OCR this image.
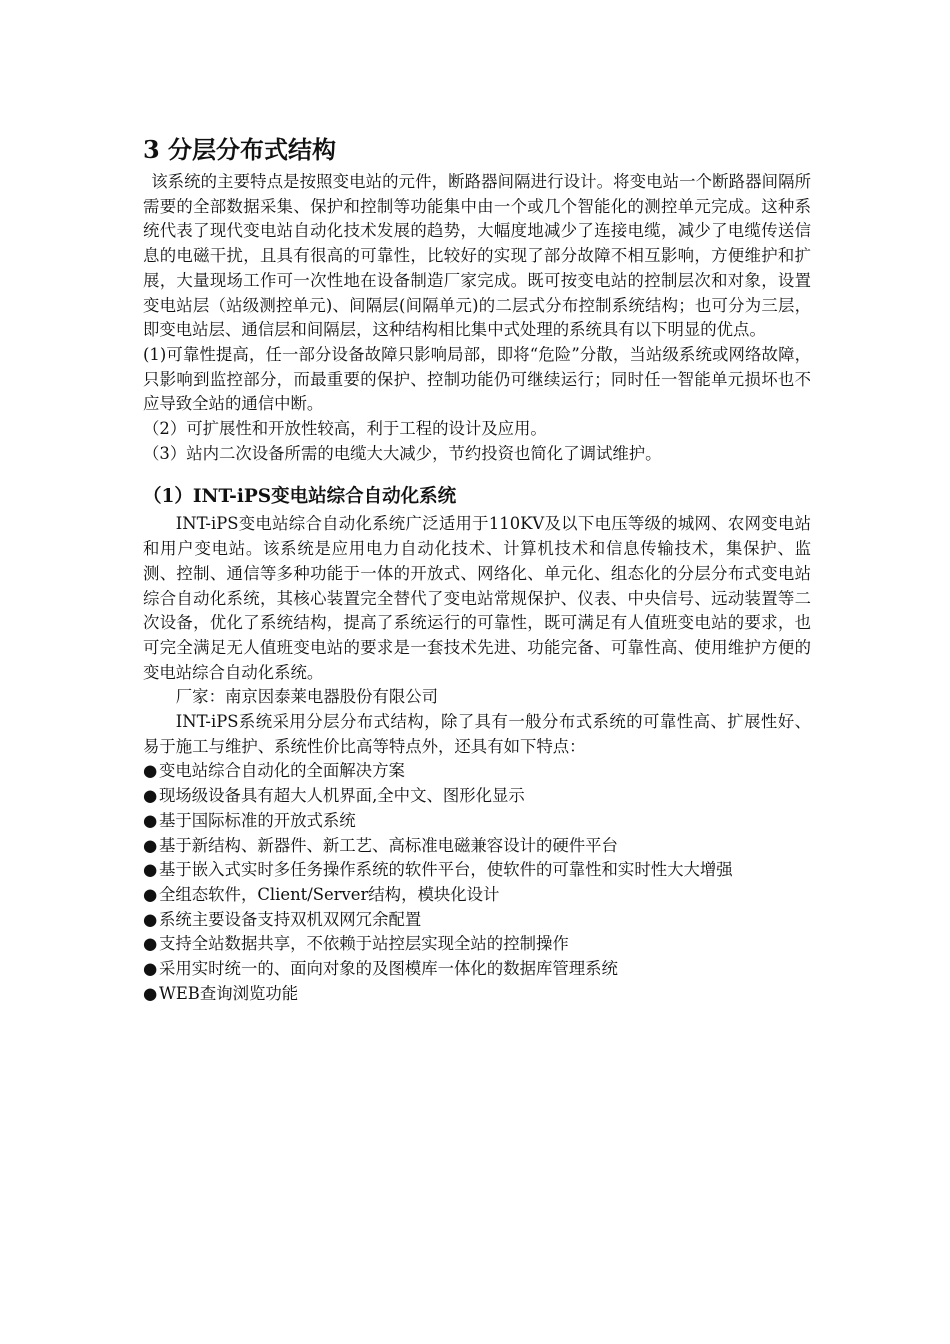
3 分层分布式结构

该系统的主要特点是按照变电站的元件，断路器间隔进行设计。将变电站一个断路器间隔所需要的全部数据采集、保护和控制等功能集中由一个或几个智能化的测控单元完成。这种系统代表了现代变电站自动化技术发展的趋势，大幅度地减少了连接电缆，减少了电缆传送信息的电磁干扰，且具有很高的可靠性，比较好的实现了部分故障不相互影响，方便维护和扩展，大量现场工作可一次性地在设备制造厂家完成。既可按变电站的控制层次和对象，设置变电站层（站级测控单元)、间隔层(间隔单元)的二层式分布控制系统结构；也可分为三层，即变电站层、通信层和间隔层，这种结构相比集中式处理的系统具有以下明显的优点。

(1)可靠性提高，任一部分设备故障只影响局部，即将“危险”分散，当站级系统或网络故障，只影响到监控部分，而最重要的保护、控制功能仍可继续运行；同时任一智能单元损坏也不应导致全站的通信中断。

（2）可扩展性和开放性较高，利于工程的设计及应用。

（3）站内二次设备所需的电缆大大减少，节约投资也简化了调试维护。

（1）INT-iPS变电站综合自动化系统

INT-iPS变电站综合自动化系统广泛适用于110KV及以下电压等级的城网、农网变电站和用户变电站。该系统是应用电力自动化技术、计算机技术和信息传输技术，集保护、监测、控制、通信等多种功能于一体的开放式、网络化、单元化、组态化的分层分布式变电站综合自动化系统，其核心装置完全替代了变电站常规保护、仪表、中央信号、远动装置等二次设备，优化了系统结构，提高了系统运行的可靠性，既可满足有人值班变电站的要求，也可完全满足无人值班变电站的要求是一套技术先进、功能完备、可靠性高、使用维护方便的变电站综合自动化系统。

厂家：南京因泰莱电器股份有限公司

INT-iPS系统采用分层分布式结构，除了具有一般分布式系统的可靠性高、扩展性好、易于施工与维护、系统性价比高等特点外，还具有如下特点：

● 变电站综合自动化的全面解决方案
● 现场级设备具有超大人机界面,全中文、图形化显示
● 基于国际标准的开放式系统
● 基于新结构、新器件、新工艺、高标准电磁兼容设计的硬件平台
● 基于嵌入式实时多任务操作系统的软件平台，使软件的可靠性和实时性大大增强
● 全组态软件，Client/Server结构，模块化设计
● 系统主要设备支持双机双网冗余配置
● 支持全站数据共享，不依赖于站控层实现全站的控制操作
● 采用实时统一的、面向对象的及图模库一体化的数据库管理系统
● WEB查询浏览功能
